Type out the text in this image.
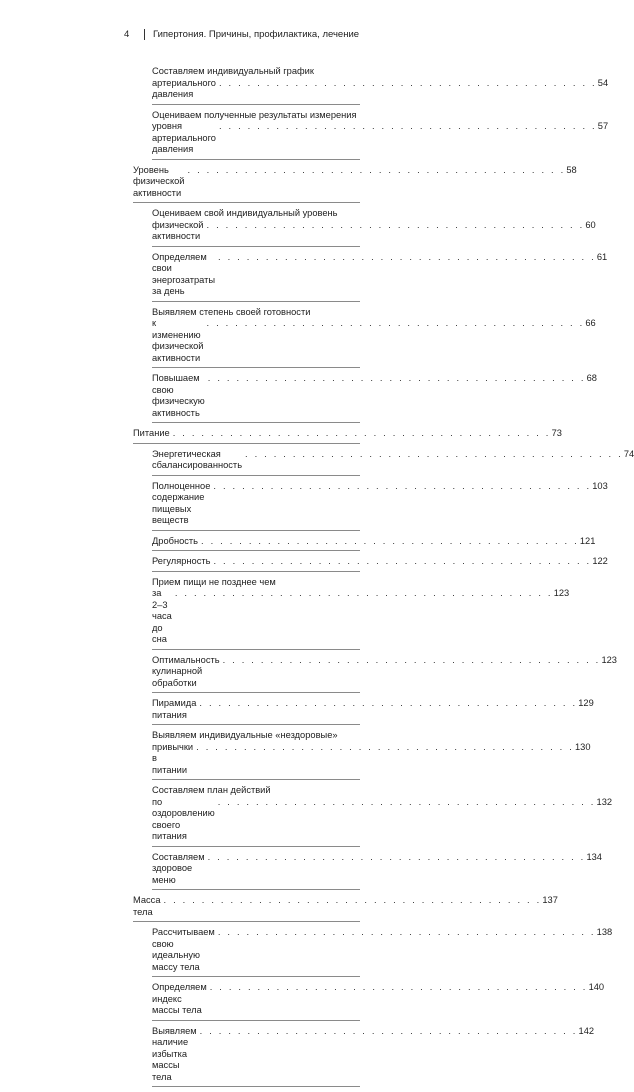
4	Гипертония. Причины, профилактика, лечение
Составляем индивидуальный график
артериального давления
. . . . . . . . . . . . . . . . . . . . . . . . . . . . . . . . . . . . . . . . 54
Оцениваем полученные результаты измерения
уровня артериального давления
. . . . . . . . . . . . . . . . . . . . . . . . . . . . . . . . . . . . . . . . 57
Уровень физической активности
. . . . . . . . . . . . . . . . . . . . . . . . . . . . . . . . . . . . . . . . 58
Оцениваем свой индивидуальный уровень
физической активности
. . . . . . . . . . . . . . . . . . . . . . . . . . . . . . . . . . . . . . . . 60
Определяем свои энергозатраты за день
. . . . . . . . . . . . . . . . . . . . . . . . . . . . . . . . . . . . . . . . 61
Выявляем степень своей готовности
к изменению физической активности
. . . . . . . . . . . . . . . . . . . . . . . . . . . . . . . . . . . . . . . . 66
Повышаем свою физическую активность
. . . . . . . . . . . . . . . . . . . . . . . . . . . . . . . . . . . . . . . . 68
Питание . . . . . . . . . . . . . . . . . . . . . . . . . . . . . . . . . . . . . . . . 73
Энергетическая сбалансированность
. . . . . . . . . . . . . . . . . . . . . . . . . . . . . . . . . . . . . . . . 74
Полноценное содержание пищевых веществ
. . . . . . . . . . . . . . . . . . . . . . . . . . . . . . . . . . . . . . . . 103
Дробность . . . . . . . . . . . . . . . . . . . . . . . . . . . . . . . . . . . . . . . . 121
Регулярность . . . . . . . . . . . . . . . . . . . . . . . . . . . . . . . . . . . . . . . . 122
Прием пищи не позднее чем
за 2–3 часа до сна
. . . . . . . . . . . . . . . . . . . . . . . . . . . . . . . . . . . . . . . . 123
Оптимальность кулинарной обработки
. . . . . . . . . . . . . . . . . . . . . . . . . . . . . . . . . . . . . . . . 123
Пирамида питания
. . . . . . . . . . . . . . . . . . . . . . . . . . . . . . . . . . . . . . . . 129
Выявляем индивидуальные «нездоровые»
привычки в питании
. . . . . . . . . . . . . . . . . . . . . . . . . . . . . . . . . . . . . . . . 130
Составляем план действий
по оздоровлению своего питания
. . . . . . . . . . . . . . . . . . . . . . . . . . . . . . . . . . . . . . . . 132
Составляем здоровое меню
. . . . . . . . . . . . . . . . . . . . . . . . . . . . . . . . . . . . . . . . 134
Масса тела
. . . . . . . . . . . . . . . . . . . . . . . . . . . . . . . . . . . . . . . . 137
Рассчитываем свою идеальную массу тела
. . . . . . . . . . . . . . . . . . . . . . . . . . . . . . . . . . . . . . . . 138
Определяем индекс массы тела
. . . . . . . . . . . . . . . . . . . . . . . . . . . . . . . . . . . . . . . . 140
Выявляем наличие избытка массы тела
. . . . . . . . . . . . . . . . . . . . . . . . . . . . . . . . . . . . . . . . 142
